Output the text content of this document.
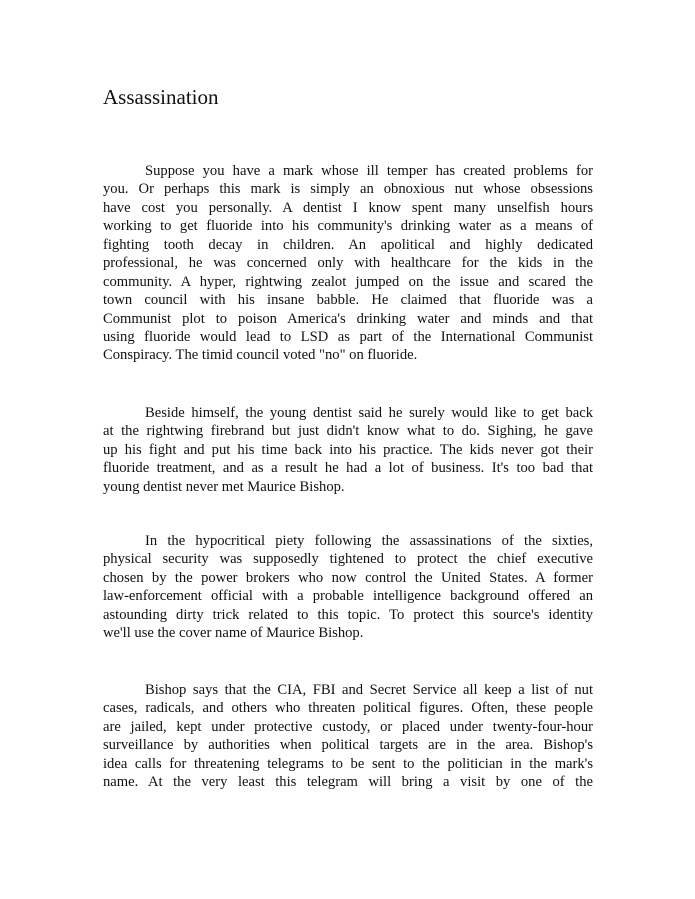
Assassination
Suppose you have a mark whose ill temper has created problems for
you. Or perhaps this mark is simply an obnoxious nut whose obsessions
have cost you personally. A dentist I know spent many unselfish hours
working to get fluoride into his community's drinking water as a means of
fighting tooth decay in children. An apolitical and highly dedicated
professional, he was concerned only with healthcare for the kids in the
community. A hyper, rightwing zealot jumped on the issue and scared the
town council with his insane babble. He claimed that fluoride was a
Communist plot to poison America's drinking water and minds and that
using fluoride would lead to LSD as part of the International Communist
Conspiracy. The timid council voted "no" on fluoride.
Beside himself, the young dentist said he surely would like to get back
at the rightwing firebrand but just didn't know what to do. Sighing, he gave
up his fight and put his time back into his practice. The kids never got their
fluoride treatment, and as a result he had a lot of business. It's too bad that
young dentist never met Maurice Bishop.
In the hypocritical piety following the assassinations of the sixties,
physical security was supposedly tightened to protect the chief executive
chosen by the power brokers who now control the United States. A former
law-enforcement official with a probable intelligence background offered an
astounding dirty trick related to this topic. To protect this source's identity
we'll use the cover name of Maurice Bishop.
Bishop says that the CIA, FBI and Secret Service all keep a list of nut
cases, radicals, and others who threaten political figures. Often, these people
are jailed, kept under protective custody, or placed under twenty-four-hour
surveillance by authorities when political targets are in the area. Bishop's
idea calls for threatening telegrams to be sent to the politician in the mark's
name. At the very least this telegram will bring a visit by one of the
